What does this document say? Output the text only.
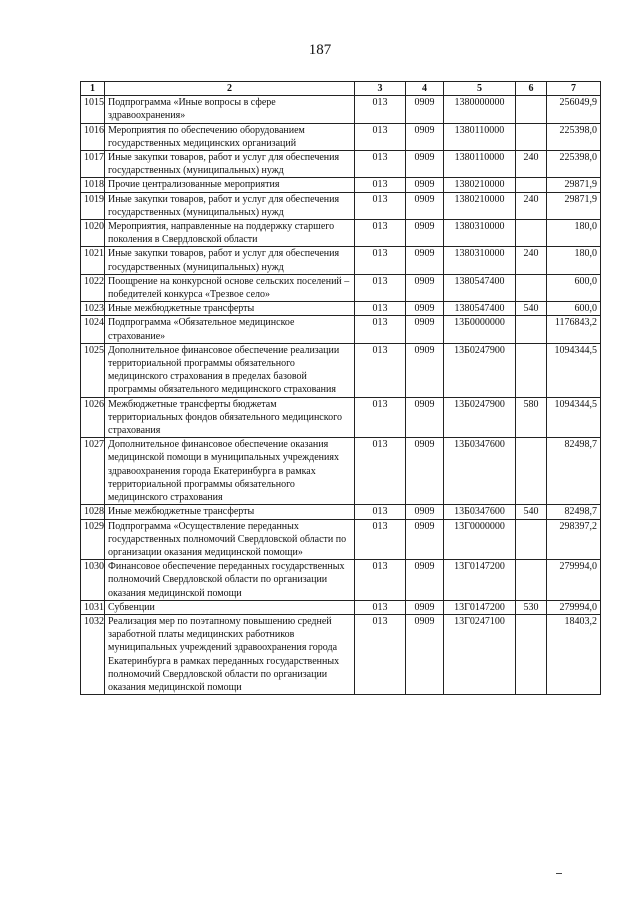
187
1	2	3	4	5	6	7
1015	Подпрограмма «Иные вопросы в сфере здравоохранения»	013	0909	1380000000		256049,9
1016	Мероприятия по обеспечению оборудованием государственных медицинских организаций	013	0909	1380110000		225398,0
1017	Иные закупки товаров, работ и услуг для обеспечения государственных (муниципальных) нужд	013	0909	1380110000	240	225398,0
1018	Прочие централизованные мероприятия	013	0909	1380210000		29871,9
1019	Иные закупки товаров, работ и услуг для обеспечения государственных (муниципальных) нужд	013	0909	1380210000	240	29871,9
1020	Мероприятия, направленные на поддержку старшего поколения в Свердловской области	013	0909	1380310000		180,0
1021	Иные закупки товаров, работ и услуг для обеспечения государственных (муниципальных) нужд	013	0909	1380310000	240	180,0
1022	Поощрение на конкурсной основе сельских поселений – победителей конкурса «Трезвое село»	013	0909	1380547400		600,0
1023	Иные межбюджетные трансферты	013	0909	1380547400	540	600,0
1024	Подпрограмма «Обязательное медицинское страхование»	013	0909	13Б0000000		1176843,2
1025	Дополнительное финансовое обеспечение реализации территориальной программы обязательного медицинского страхования в пределах базовой программы обязательного медицинского страхования	013	0909	13Б0247900		1094344,5
1026	Межбюджетные трансферты бюджетам территориальных фондов обязательного медицинского страхования	013	0909	13Б0247900	580	1094344,5
1027	Дополнительное финансовое обеспечение оказания медицинской помощи в муниципальных учреждениях здравоохранения города Екатеринбурга в рамках территориальной программы обязательного медицинского страхования	013	0909	13Б0347600		82498,7
1028	Иные межбюджетные трансферты	013	0909	13Б0347600	540	82498,7
1029	Подпрограмма «Осуществление переданных государственных полномочий Свердловской области по организации оказания медицинской помощи»	013	0909	13Г0000000		298397,2
1030	Финансовое обеспечение переданных государственных полномочий Свердловской области по организации оказания медицинской помощи	013	0909	13Г0147200		279994,0
1031	Субвенции	013	0909	13Г0147200	530	279994,0
1032	Реализация мер по поэтапному повышению средней заработной платы медицинских работников муниципальных учреждений здравоохранения города Екатеринбурга в рамках переданных государственных полномочий Свердловской области по организации оказания медицинской помощи	013	0909	13Г0247100		18403,2
